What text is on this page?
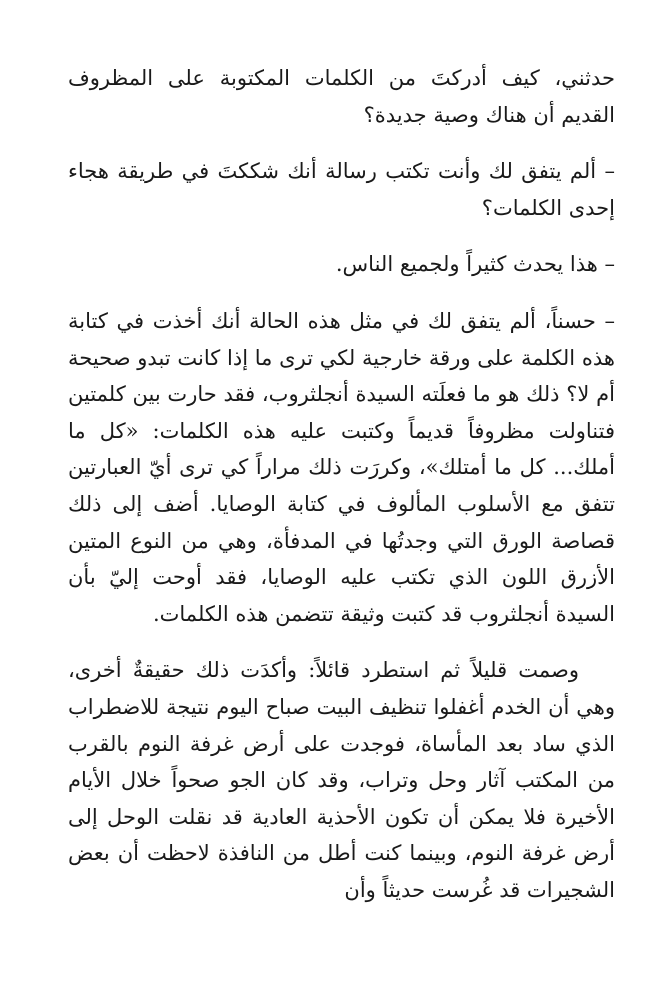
حدثني، كيف أدركتَ من الكلمات المكتوبة على المظروف القديم أن هناك وصية جديدة؟

– ألم يتفق لك وأنت تكتب رسالة أنك شككتَ في طريقة هجاء إحدى الكلمات؟

– هذا يحدث كثيراً ولجميع الناس.

– حسناً، ألم يتفق لك في مثل هذه الحالة أنك أخذت في كتابة هذه الكلمة على ورقة خارجية لكي ترى ما إذا كانت تبدو صحيحة أم لا؟ ذلك هو ما فعلَته السيدة أنجلثروب، فقد حارت بين كلمتين فتناولت مظروفاً قديماً وكتبت عليه هذه الكلمات: «كل ما أملك... كل ما أمتلك»، وكررَت ذلك مراراً كي ترى أيّ العبارتين تتفق مع الأسلوب المألوف في كتابة الوصايا. أضف إلى ذلك قصاصة الورق التي وجدتُها في المدفأة، وهي من النوع المتين الأزرق اللون الذي تكتب عليه الوصايا، فقد أوحت إليّ بأن السيدة أنجلثروب قد كتبت وثيقة تتضمن هذه الكلمات.

وصمت قليلاً ثم استطرد قائلاً: وأكدَت ذلك حقيقةٌ أخرى، وهي أن الخدم أغفلوا تنظيف البيت صباح اليوم نتيجة للاضطراب الذي ساد بعد المأساة، فوجدت على أرض غرفة النوم بالقرب من المكتب آثار وحل وتراب، وقد كان الجو صحواً خلال الأيام الأخيرة فلا يمكن أن تكون الأحذية العادية قد نقلت الوحل إلى أرض غرفة النوم، وبينما كنت أطل من النافذة لاحظت أن بعض الشجيرات قد غُرست حديثاً وأن
